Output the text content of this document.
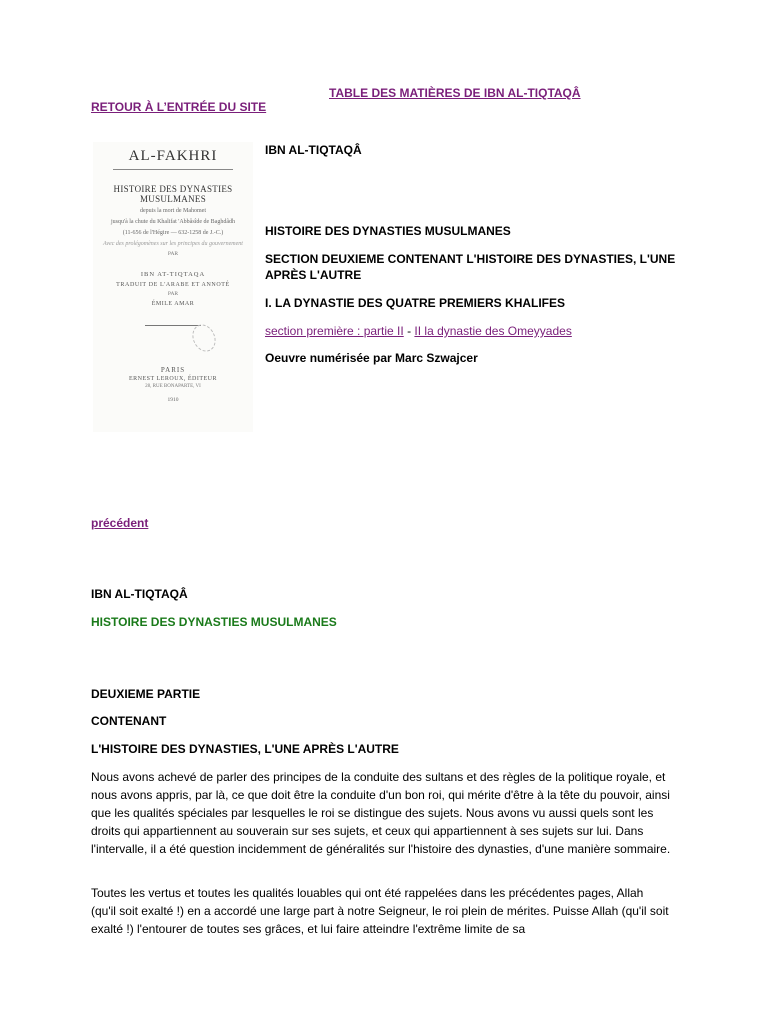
TABLE DES MATIÈRES DE IBN AL-TIQTAQÂ
RETOUR À L’ENTRÉE DU SITE
AL-FAKHRI
HISTOIRE DES DYNASTIES MUSULMANES
depuis la mort de Mahomet
jusqu'à la chute du Khalifat 'Abbâsîde de Baghdâdh
(11-656 de l'Hégire — 632-1258 de J.-C.)
Avec des prolégomènes sur les principes du gouvernement
PAR
IBN AT-TIQTAQA
TRADUIT DE L'ARABE ET ANNOTÉ
PAR
ÉMILE AMAR
PARIS
ERNEST LEROUX, ÉDITEUR
28, RUE BONAPARTE, VI
1910
IBN AL-TIQTAQÂ
HISTOIRE DES DYNASTIES MUSULMANES
SECTION DEUXIEME CONTENANT L'HISTOIRE DES DYNASTIES, L'UNE APRÈS L'AUTRE
I. LA DYNASTIE DES QUATRE PREMIERS KHALIFES
section première : partie II - II la dynastie des Omeyyades
Oeuvre numérisée par Marc Szwajcer
précédent
IBN AL-TIQTAQÂ
HISTOIRE DES DYNASTIES MUSULMANES
DEUXIEME PARTIE
CONTENANT
L'HISTOIRE DES DYNASTIES, L'UNE APRÈS L'AUTRE

Nous avons achevé de parler des principes de la conduite des sultans et des règles de la politique royale, et nous avons appris, par là, ce que doit être la conduite d'un bon roi, qui mérite d'être à la tête du pouvoir, ainsi que les qualités spéciales par lesquelles le roi se distingue des sujets. Nous avons vu aussi quels sont les droits qui appartiennent au souverain sur ses sujets, et ceux qui appartiennent à ses sujets sur lui. Dans l'intervalle, il a été question incidemment de généralités sur l'histoire des dynasties, d'une manière sommaire.

Toutes les vertus et toutes les qualités louables qui ont été rappelées dans les précédentes pages, Allah (qu'il soit exalté !) en a accordé une large part à notre Seigneur, le roi plein de mérites. Puisse Allah (qu'il soit exalté !) l'entourer de toutes ses grâces, et lui faire atteindre l'extrême limite de sa
